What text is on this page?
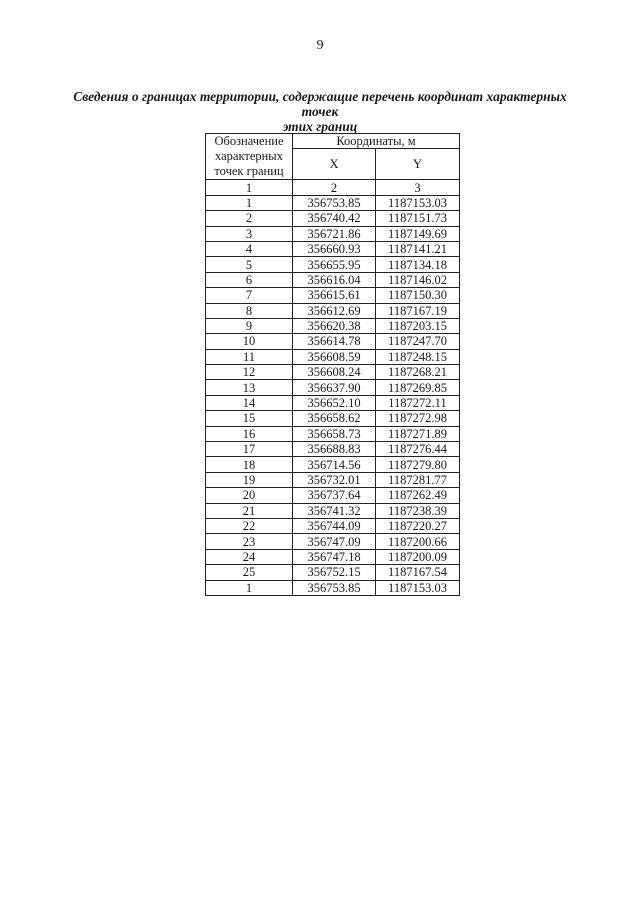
9
Сведения о границах территории, содержащие перечень координат характерных точек
этих границ
Обозначение
характерных
точек границ	Координаты, м	
	X	Y
1	2	3
1	356753.85	1187153.03
2	356740.42	1187151.73
3	356721.86	1187149.69
4	356660.93	1187141.21
5	356655.95	1187134.18
6	356616.04	1187146.02
7	356615.61	1187150.30
8	356612.69	1187167.19
9	356620.38	1187203.15
10	356614.78	1187247.70
11	356608.59	1187248.15
12	356608.24	1187268.21
13	356637.90	1187269.85
14	356652.10	1187272.11
15	356658.62	1187272.98
16	356658.73	1187271.89
17	356688.83	1187276.44
18	356714.56	1187279.80
19	356732.01	1187281.77
20	356737.64	1187262.49
21	356741.32	1187238.39
22	356744.09	1187220.27
23	356747.09	1187200.66
24	356747.18	1187200.09
25	356752.15	1187167.54
1	356753.85	1187153.03
